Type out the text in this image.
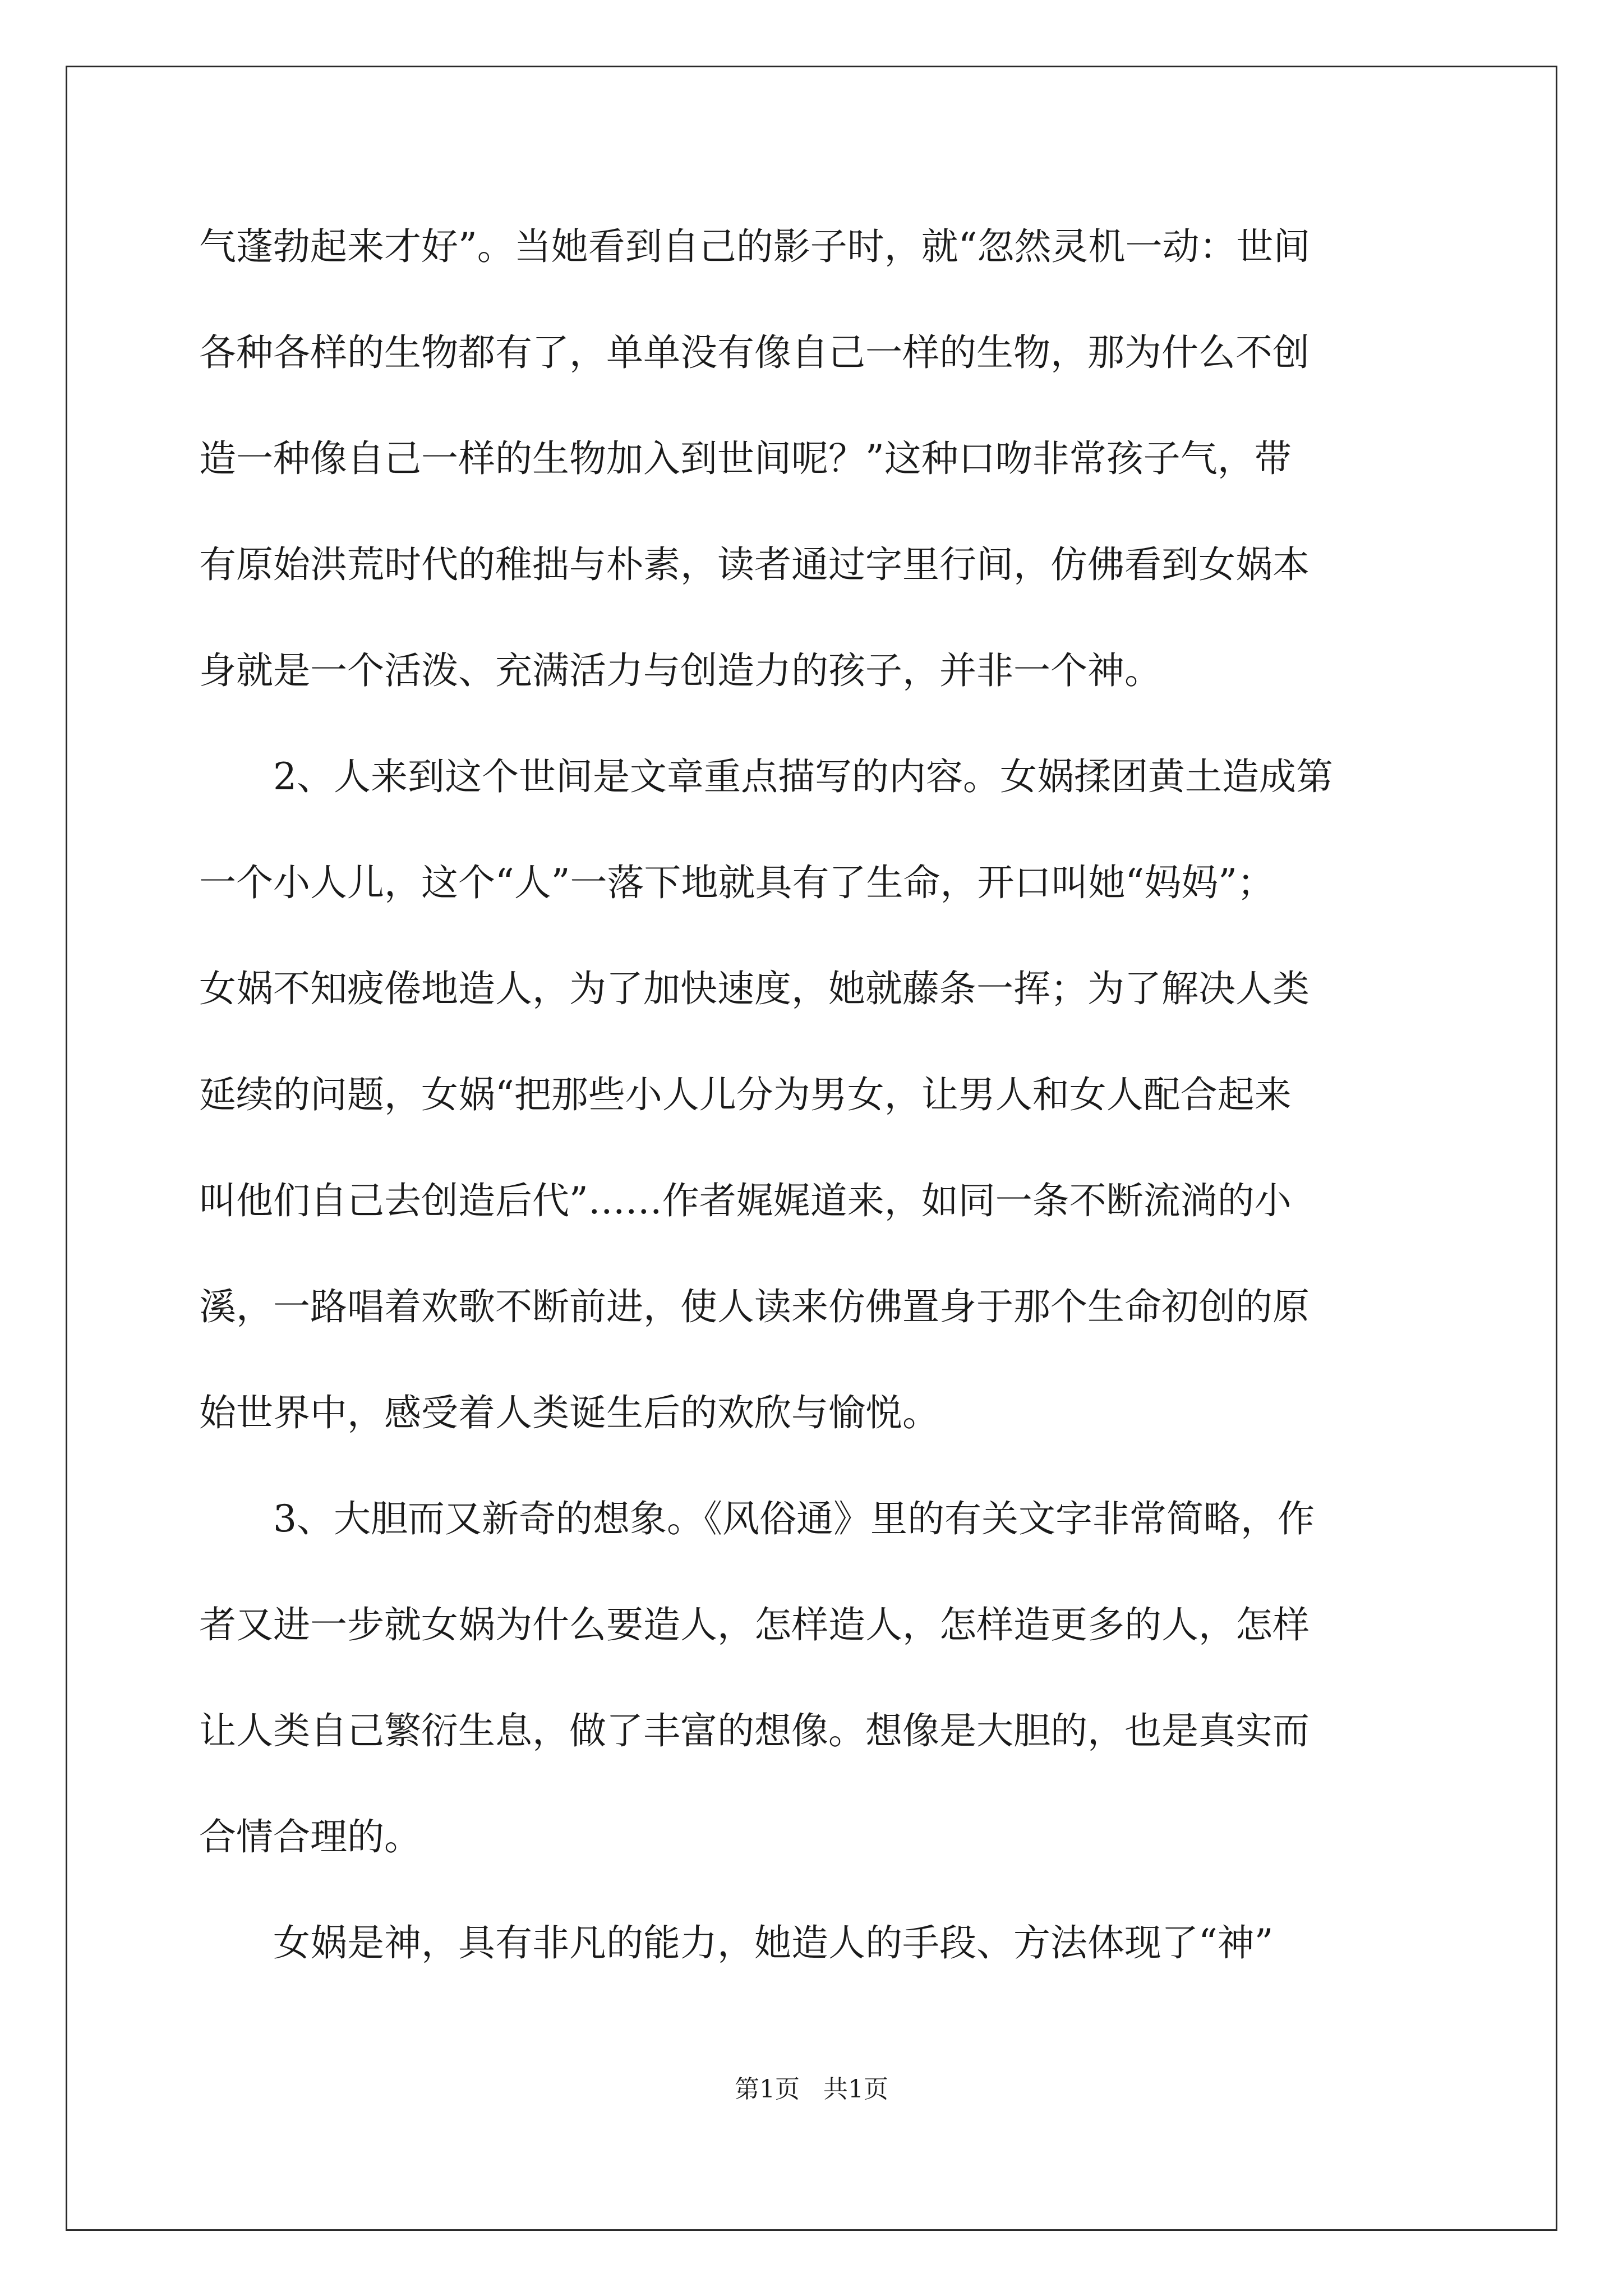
气蓬勃起来才好”。当她看到自己的影子时，就“忽然灵机一动：世间
各种各样的生物都有了，单单没有像自己一样的生物，那为什么不创
造一种像自己一样的生物加入到世间呢？”这种口吻非常孩子气，带
有原始洪荒时代的稚拙与朴素，读者通过字里行间，仿佛看到女娲本
身就是一个活泼、充满活力与创造力的孩子，并非一个神。
2、人来到这个世间是文章重点描写的内容。女娲揉团黄土造成第
一个小人儿，这个“人”一落下地就具有了生命，开口叫她“妈妈”；
女娲不知疲倦地造人，为了加快速度，她就藤条一挥；为了解决人类
延续的问题，女娲“把那些小人儿分为男女，让男人和女人配合起来
叫他们自己去创造后代”……作者娓娓道来，如同一条不断流淌的小
溪，一路唱着欢歌不断前进，使人读来仿佛置身于那个生命初创的原
始世界中，感受着人类诞生后的欢欣与愉悦。
3、大胆而又新奇的想象。《风俗通》里的有关文字非常简略，作
者又进一步就女娲为什么要造人，怎样造人，怎样造更多的人，怎样
让人类自己繁衍生息，做了丰富的想像。想像是大胆的，也是真实而
合情合理的。
女娲是神，具有非凡的能力，她造人的手段、方法体现了“神”
第1页   共1页
